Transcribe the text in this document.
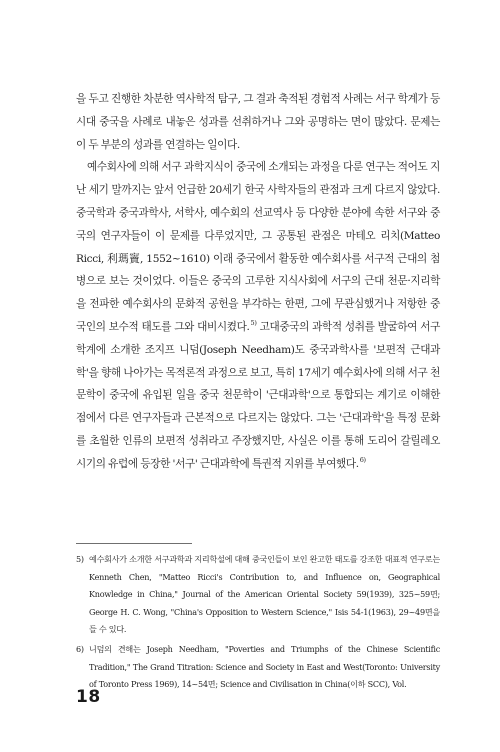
을 두고 진행한 차분한 역사학적 탐구, 그 결과 축적된 경험적 사례는 서구 학계가 등시대 중국을 사례로 내놓은 성과를 선취하거나 그와 공명하는 면이 많았다. 문제는 이 두 부분의 성과를 연결하는 일이다.

예수회사에 의해 서구 과학지식이 중국에 소개되는 과정을 다룬 연구는 적어도 지난 세기 말까지는 앞서 언급한 20세기 한국 사학자들의 관점과 크게 다르지 않았다. 중국학과 중국과학사, 서학사, 예수회의 선교역사 등 다양한 분야에 속한 서구와 중국의 연구자들이 이 문제를 다루었지만, 그 공통된 관점은 마테오 리치(Matteo Ricci, 利瑪竇, 1552~1610) 이래 중국에서 활동한 예수회사를 서구적 근대의 첨병으로 보는 것이었다. 이들은 중국의 고루한 지식사회에 서구의 근대 천문·지리학을 전파한 예수회사의 문화적 공헌을 부각하는 한편, 그에 무관심했거나 저항한 중국인의 보수적 태도를 그와 대비시켰다.$^{5)}$ 고대중국의 과학적 성취를 발굴하여 서구 학계에 소개한 조지프 니덤(Joseph Needham)도 중국과학사를 '보편적 근대과학'을 향해 나아가는 목적론적 과정으로 보고, 특히 17세기 예수회사에 의해 서구 천문학이 중국에 유입된 일을 중국 천문학이 '근대과학'으로 통합되는 계기로 이해한 점에서 다른 연구자들과 근본적으로 다르지는 않았다. 그는 '근대과학'을 특정 문화를 초월한 인류의 보편적 성취라고 주장했지만, 사실은 이를 통해 도리어 갈릴레오 시기의 유럽에 등장한 '서구' 근대과학에 특권적 지위를 부여했다.$^{6)}$

5) 예수회사가 소개한 서구과학과 지리학설에 대해 중국인들이 보인 완고한 태도를 강조한 대표적 연구로는 Kenneth Chen, "Matteo Ricci's Contribution to, and Influence on, Geographical Knowledge in China," Journal of the American Oriental Society 59(1939), 325~59면; George H. C. Wong, "China's Opposition to Western Science," Isis 54-1(1963), 29~49면을 들 수 있다.
6) 니덤의 견해는 Joseph Needham, "Poverties and Triumphs of the Chinese Scientific Tradition," The Grand Titration: Science and Society in East and West(Toronto: University of Toronto Press 1969), 14~54면; Science and Civilisation in China(이하 SCC), Vol.
18
